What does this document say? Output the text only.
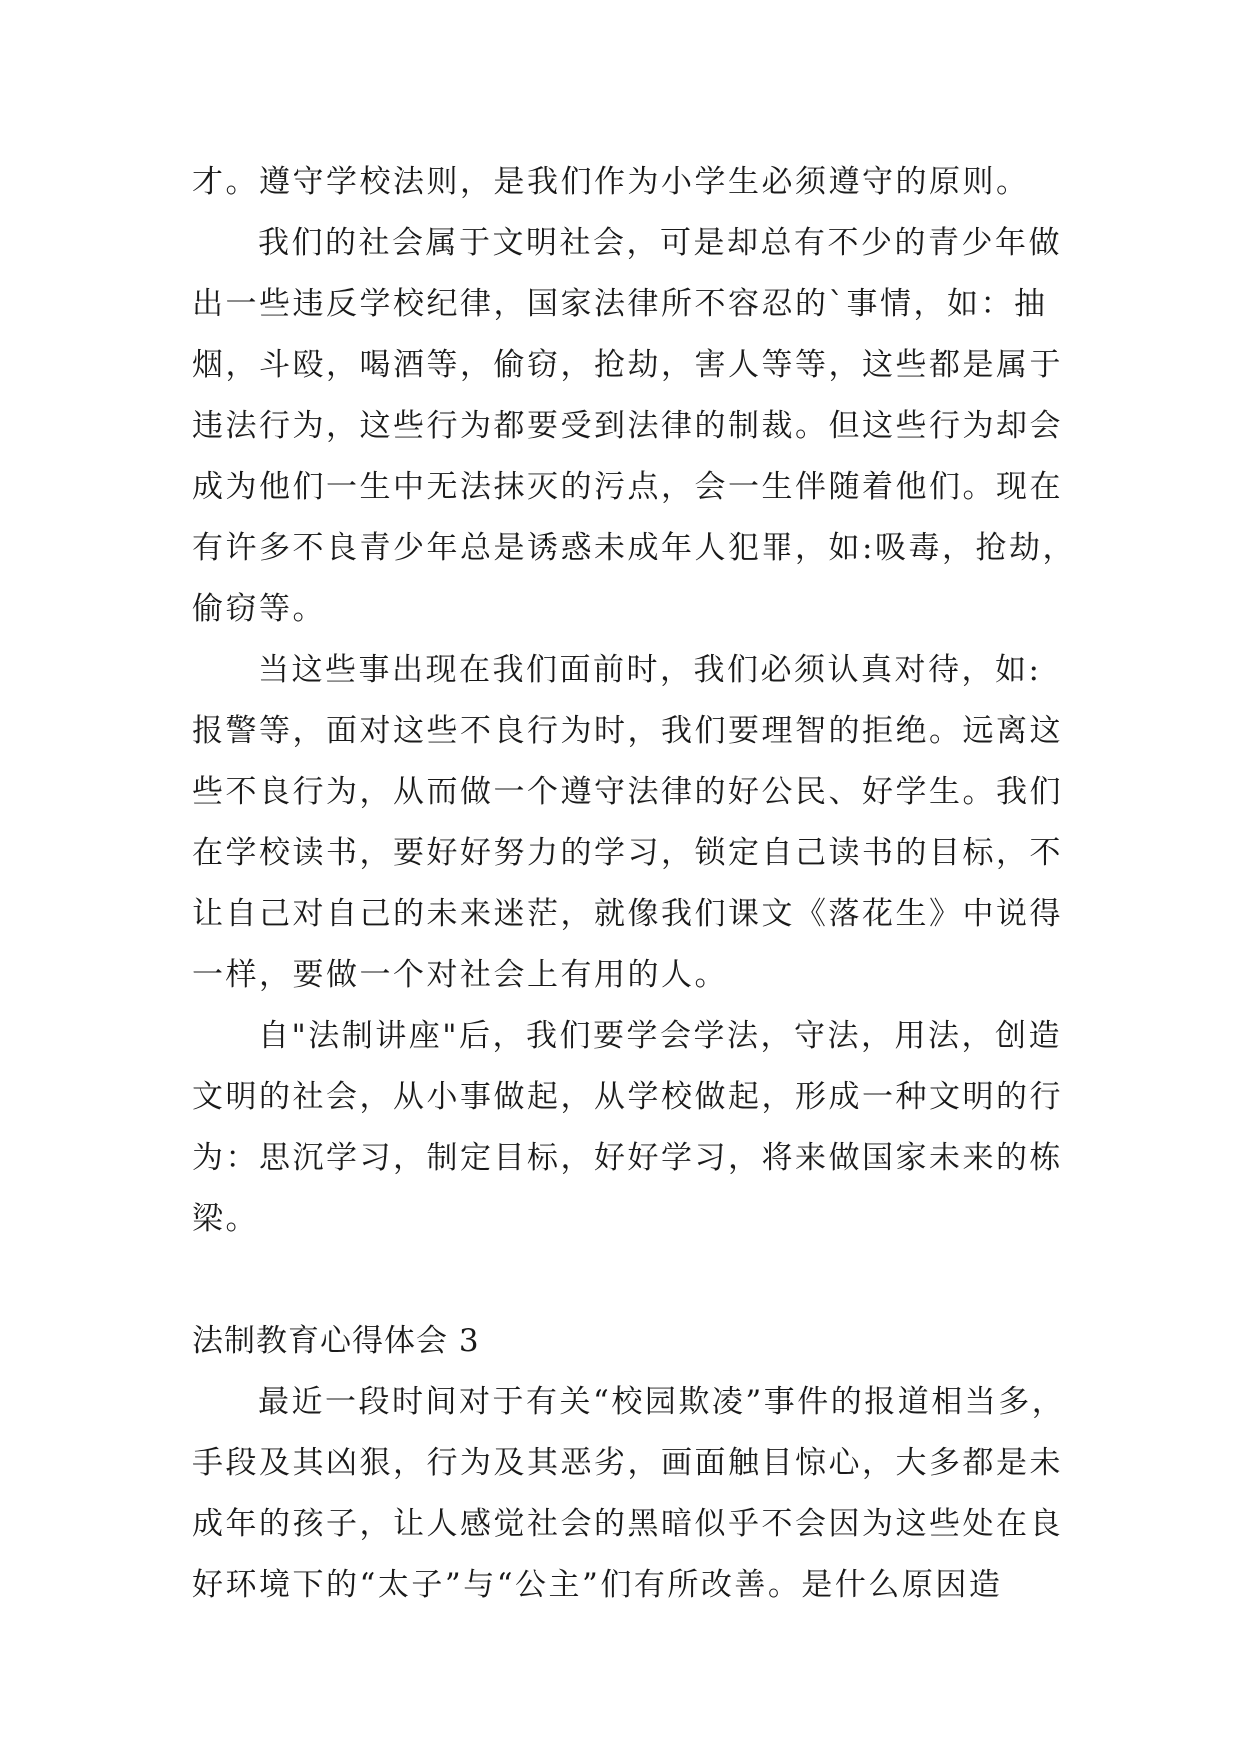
才。遵守学校法则，是我们作为小学生必须遵守的原则。
我们的社会属于文明社会，可是却总有不少的青少年做
出一些违反学校纪律，国家法律所不容忍的`事情，如：抽
烟，斗殴，喝酒等，偷窃，抢劫，害人等等，这些都是属于
违法行为，这些行为都要受到法律的制裁。但这些行为却会
成为他们一生中无法抹灭的污点，会一生伴随着他们。现在
有许多不良青少年总是诱惑未成年人犯罪，如:吸毒，抢劫，
偷窃等。
当这些事出现在我们面前时，我们必须认真对待，如:
报警等，面对这些不良行为时，我们要理智的拒绝。远离这
些不良行为，从而做一个遵守法律的好公民、好学生。我们
在学校读书，要好好努力的学习，锁定自己读书的目标，不
让自己对自己的未来迷茫，就像我们课文《落花生》中说得
一样，要做一个对社会上有用的人。
自"法制讲座"后，我们要学会学法，守法，用法，创造
文明的社会，从小事做起，从学校做起，形成一种文明的行
为：思沉学习，制定目标，好好学习，将来做国家未来的栋
梁。
法制教育心得体会 3
最近一段时间对于有关“校园欺凌”事件的报道相当多，
手段及其凶狠，行为及其恶劣，画面触目惊心，大多都是未
成年的孩子，让人感觉社会的黑暗似乎不会因为这些处在良
好环境下的“太子”与“公主”们有所改善。是什么原因造
